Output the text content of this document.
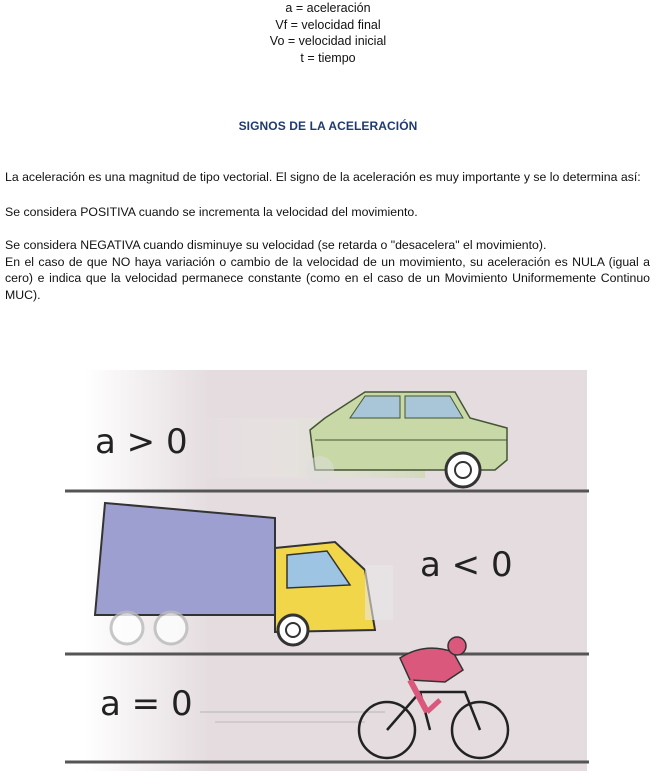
a = aceleración
Vf = velocidad final
Vo = velocidad inicial
t = tiempo
SIGNOS DE LA ACELERACIÓN
La aceleración es una magnitud de tipo vectorial. El signo de la aceleración es muy importante y se lo determina así:
Se considera POSITIVA cuando se incrementa la velocidad del movimiento.
Se considera NEGATIVA cuando disminuye su velocidad (se retarda o "desacelera" el movimiento).
En el caso de que NO haya variación o cambio de la velocidad de un movimiento, su aceleración es NULA (igual a cero) e indica que la velocidad permanece constante (como en el caso de un Movimiento Uniformemente Continuo MUC).
a > 0
a < 0
a = 0
